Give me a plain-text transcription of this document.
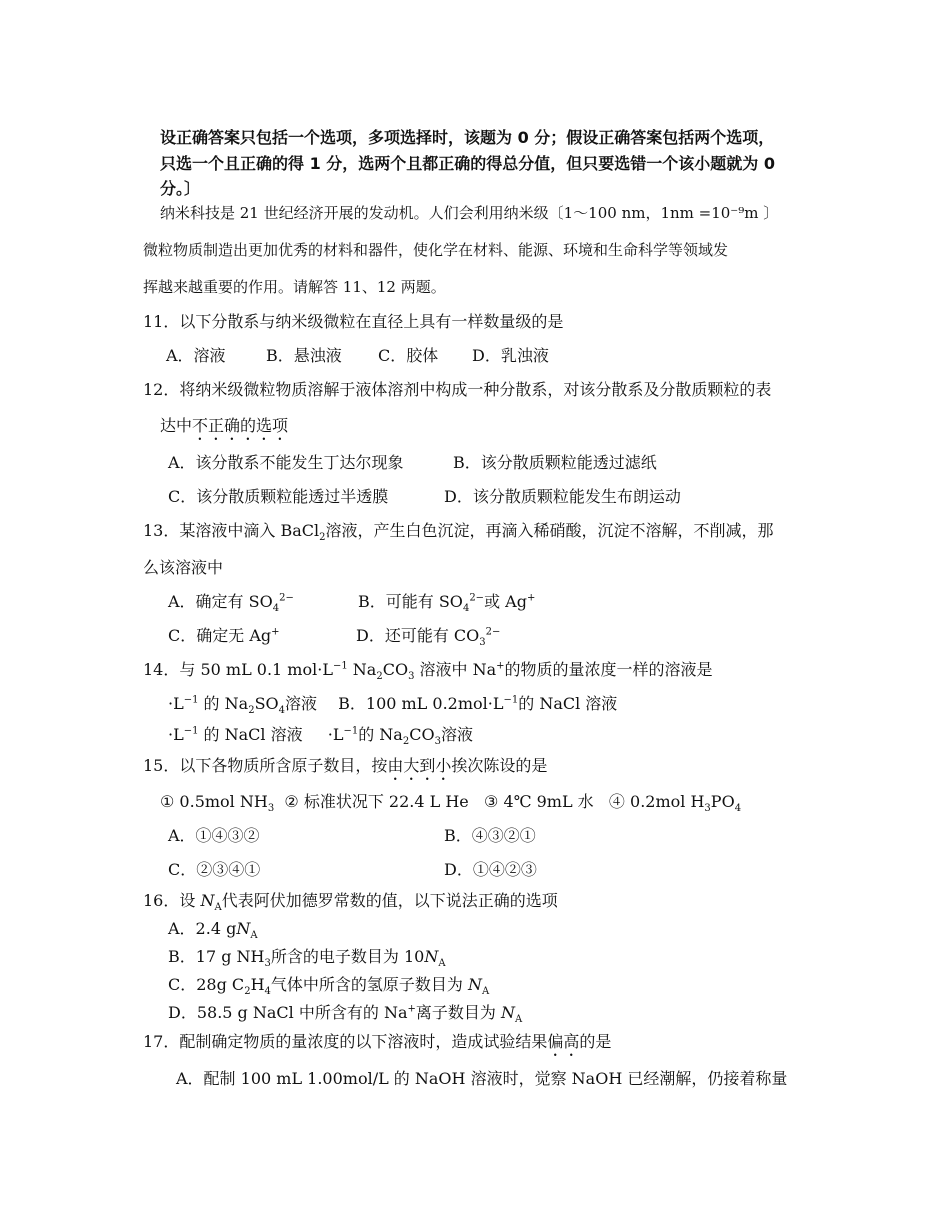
设正确答案只包括一个选项，多项选择时，该题为 0 分；假设正确答案包括两个选项，
只选一个且正确的得 1 分，选两个且都正确的得总分值，但只要选错一个该小题就为 0
分。〕
纳米科技是 21 世纪经济开展的发动机。人们会利用纳米级〔1～100 nm，1nm =10⁻⁹m 〕
微粒物质制造出更加优秀的材料和器件，使化学在材料、能源、环境和生命科学等领域发
挥越来越重要的作用。请解答 11、12 两题。
11．以下分散系与纳米级微粒在直径上具有一样数量级的是
A．溶液	B．悬浊液 C．胶体 D．乳浊液
12．将纳米级微粒物质溶解于液体溶剂中构成一种分散系，对该分散系及分散质颗粒的表
达中不正确的选项
A．该分散系不能发生丁达尔现象	B．该分散质颗粒能透过滤纸
C．该分散质颗粒能透过半透膜	D．该分散质颗粒能发生布朗运动
13．某溶液中滴入 BaCl$_2$溶液，产生白色沉淀，再滴入稀硝酸，沉淀不溶解，不削减，那
么该溶液中
A．确定有 $SO_4^{2-}$	B．可能有 $SO_4^{2-}$或 Ag+
C．确定无 Ag+	D．还可能有 $CO_3^{2-}$
14．与 50 mL 0.1 $mol\cdot L^{-1}$ $Na_2CO_3$ 溶液中 Na+的物质的量浓度一样的溶液是
$\cdot L^{-1}$ 的 $Na_2SO_4$溶液 B．100 mL $0.2mol\cdot L^{-1}$的 NaCl 溶液
$\cdot L^{-1}$ 的 NaCl 溶液 $\cdot L^{-1}$的 $Na_2CO_3$溶液
15．以下各物质所含原子数目，按由大到小挨次陈设的是
① 0.5mol $NH_3$  ② 标准状况下 22.4 L He   ③ 4℃ 9mL 水   ④ 0.2mol $H_3PO_4$
A．①④③②	B．④③②①
C．②③④①	D．①④②③
16．设 $N_A$代表阿伏加德罗常数的值，以下说法正确的选项
A．2.4 $gN_A$
B．17 g $NH_3$所含的电子数目为 $10N_A$
C．28g $C_2H_4$气体中所含的氢原子数目为 $N_A$
D．58.5 g NaCl 中所含有的 Na+离子数目为 $N_A$
17．配制确定物质的量浓度的以下溶液时，造成试验结果偏高的是
A．配制 100 mL 1.00mol/L 的 NaOH 溶液时，觉察 NaOH 已经潮解，仍接着称量
